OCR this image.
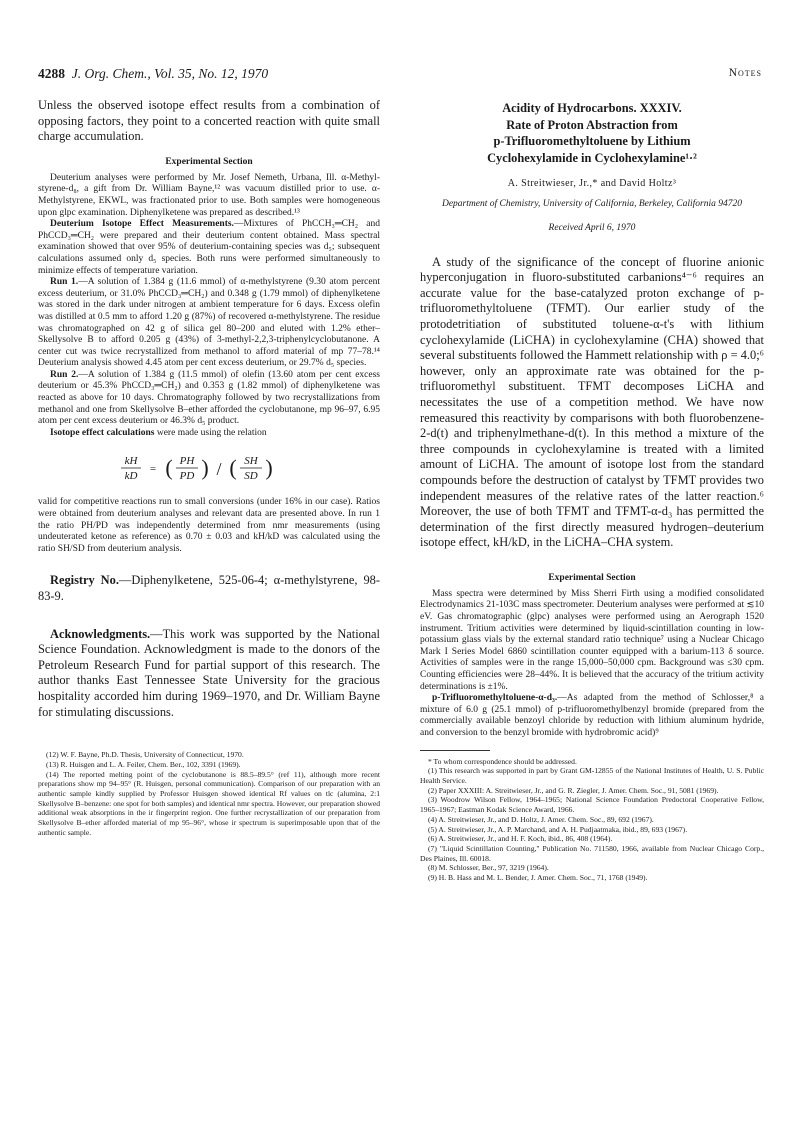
4288 J. Org. Chem., Vol. 35, No. 12, 1970	Notes

Unless the observed isotope effect results from a combination of opposing factors, they point to a concerted reaction with quite small charge accumulation.

Experimental Section

Deuterium analyses were performed by Mr. Josef Nemeth, Urbana, Ill. α-Methyl-styrene-d₈, a gift from Dr. William Bayne,¹² was vacuum distilled prior to use. α-Methylstyrene, EKWL, was fractionated prior to use. Both samples were homogeneous upon glpc examination. Diphenylketene was prepared as described.¹³

Deuterium Isotope Effect Measurements.—Mixtures of PhCCH₃═CH₂ and PhCCD₃═CH₂ were prepared and their deuterium content obtained. Mass spectral examination showed that over 95% of deuterium-containing species was d₅; subsequent calculations assumed only d₅ species. Both runs were performed simultaneously to minimize effects of temperature variation.

Run 1.—A solution of 1.384 g (11.6 mmol) of α-methylstyrene (9.30 atom percent excess deuterium, or 31.0% PhCCD₃═CH₂) and 0.348 g (1.79 mmol) of diphenylketene was stored in the dark under nitrogen at ambient temperature for 6 days. Excess olefin was distilled at 0.5 mm to afford 1.20 g (87%) of recovered α-methylstyrene. The residue was chromatographed on 42 g of silica gel 80–200 and eluted with 1.2% ether–Skellysolve B to afford 0.205 g (43%) of 3-methyl-2,2,3-triphenylcyclobutanone. A center cut was twice recrystallized from methanol to afford material of mp 77–78.¹⁴ Deuterium analysis showed 4.45 atom per cent excess deuterium, or 29.7% d₅ species.

Run 2.—A solution of 1.384 g (11.5 mmol) of olefin (13.60 atom per cent excess deuterium or 45.3% PhCCD₃═CH₂) and 0.353 g (1.82 mmol) of diphenylketene was reacted as above for 10 days. Chromatography followed by two recrystallizations from methanol and one from Skellysolve B–ether afforded the cyclobutanone, mp 96–97, 6.95 atom per cent excess deuterium or 46.3% d₅ product.

Isotope effect calculations were made using the relation

kH
kD
= ( PH
PD ) / ( SH
SD )

valid for competitive reactions run to small conversions (under 16% in our case). Ratios were obtained from deuterium analyses and relevant data are presented above. In run 1 the ratio PH/PD was independently determined from nmr measurements (using undeuterated ketone as reference) as 0.70 ± 0.03 and kH/kD was calculated using the ratio SH/SD from deuterium analysis.

Registry No.—Diphenylketene, 525-06-4; α-methylstyrene, 98-83-9.

Acknowledgments.—This work was supported by the National Science Foundation. Acknowledgment is made to the donors of the Petroleum Research Fund for partial support of this research. The author thanks East Tennessee State University for the gracious hospitality accorded him during 1969–1970, and Dr. William Bayne for stimulating discussions.

(12) W. F. Bayne, Ph.D. Thesis, University of Connecticut, 1970.

(13) R. Huisgen and L. A. Feiler, Chem. Ber., 102, 3391 (1969).

(14) The reported melting point of the cyclobutanone is 88.5–89.5° (ref 11), although more recent preparations show mp 94–95° (R. Huisgen, personal communication). Comparison of our preparation with an authentic sample kindly supplied by Professor Huisgen showed identical Rf values on tlc (alumina, 2:1 Skellysolve B–benzene: one spot for both samples) and identical nmr spectra. However, our preparation showed additional weak absorptions in the ir fingerprint region. One further recrystallization of our preparation from Skellysolve B–ether afforded material of mp 95–96°, whose ir spectrum is superimposable upon that of the authentic sample.

Acidity of Hydrocarbons. XXXIV.
Rate of Proton Abstraction from
p-Trifluoromethyltoluene by Lithium
Cyclohexylamide in Cyclohexylamine¹·²
A. Streitwieser, Jr.,* and David Holtz³
Department of Chemistry, University of California, Berkeley, California 94720
Received April 6, 1970

A study of the significance of the concept of fluorine anionic hyperconjugation in fluoro-substituted carbanions⁴⁻⁶ requires an accurate value for the base-catalyzed proton exchange of p-trifluoromethyltoluene (TFMT). Our earlier study of the protodetritiation of substituted toluene-α-t's with lithium cyclohexylamide (LiCHA) in cyclohexylamine (CHA) showed that several substituents followed the Hammett relationship with ρ = 4.0;⁶ however, only an approximate rate was obtained for the p-trifluoromethyl substituent. TFMT decomposes LiCHA and necessitates the use of a competition method. We have now remeasured this reactivity by comparisons with both fluorobenzene-2-d(t) and triphenylmethane-d(t). In this method a mixture of the three compounds in cyclohexylamine is treated with a limited amount of LiCHA. The amount of isotope lost from the standard compounds before the destruction of catalyst by TFMT provides two independent measures of the relative rates of the latter reaction.⁶ Moreover, the use of both TFMT and TFMT-α-d₃ has permitted the determination of the first directly measured hydrogen–deuterium isotope effect, kH/kD, in the LiCHA–CHA system.

Experimental Section

Mass spectra were determined by Miss Sherri Firth using a modified consolidated Electrodynamics 21-103C mass spectrometer. Deuterium analyses were performed at ≲10 eV. Gas chromatographic (glpc) analyses were performed using an Aerograph 1520 instrument. Tritium activities were determined by liquid-scintillation counting in low-potassium glass vials by the external standard ratio technique⁷ using a Nuclear Chicago Mark I Series Model 6860 scintillation counter equipped with a barium-113 δ source. Activities of samples were in the range 15,000–50,000 cpm. Background was ≤30 cpm. Counting efficiencies were 28–44%. It is believed that the accuracy of the tritium activity determinations is ±1%.

p-Trifluoromethyltoluene-α-d₃.—As adapted from the method of Schlosser,⁸ a mixture of 6.0 g (25.1 mmol) of p-trifluoromethylbenzyl bromide (prepared from the commercially available benzoyl chloride by reduction with lithium aluminum hydride, and conversion to the benzyl bromide with hydrobromic acid)⁹

* To whom correspondence should be addressed.

(1) This research was supported in part by Grant GM-12855 of the National Institutes of Health, U. S. Public Health Service.

(2) Paper XXXIII: A. Streitwieser, Jr., and G. R. Ziegler, J. Amer. Chem. Soc., 91, 5081 (1969).

(3) Woodrow Wilson Fellow, 1964–1965; National Science Foundation Predoctoral Cooperative Fellow, 1965–1967; Eastman Kodak Science Award, 1966.

(4) A. Streitwieser, Jr., and D. Holtz, J. Amer. Chem. Soc., 89, 692 (1967).

(5) A. Streitwieser, Jr., A. P. Marchand, and A. H. Pudjaatmaka, ibid., 89, 693 (1967).

(6) A. Streitwieser, Jr., and H. F. Koch, ibid., 86, 408 (1964).

(7) "Liquid Scintillation Counting," Publication No. 711580, 1966, available from Nuclear Chicago Corp., Des Plaines, Ill. 60018.

(8) M. Schlosser, Ber., 97, 3219 (1964).

(9) H. B. Hass and M. L. Bender, J. Amer. Chem. Soc., 71, 1768 (1949).
